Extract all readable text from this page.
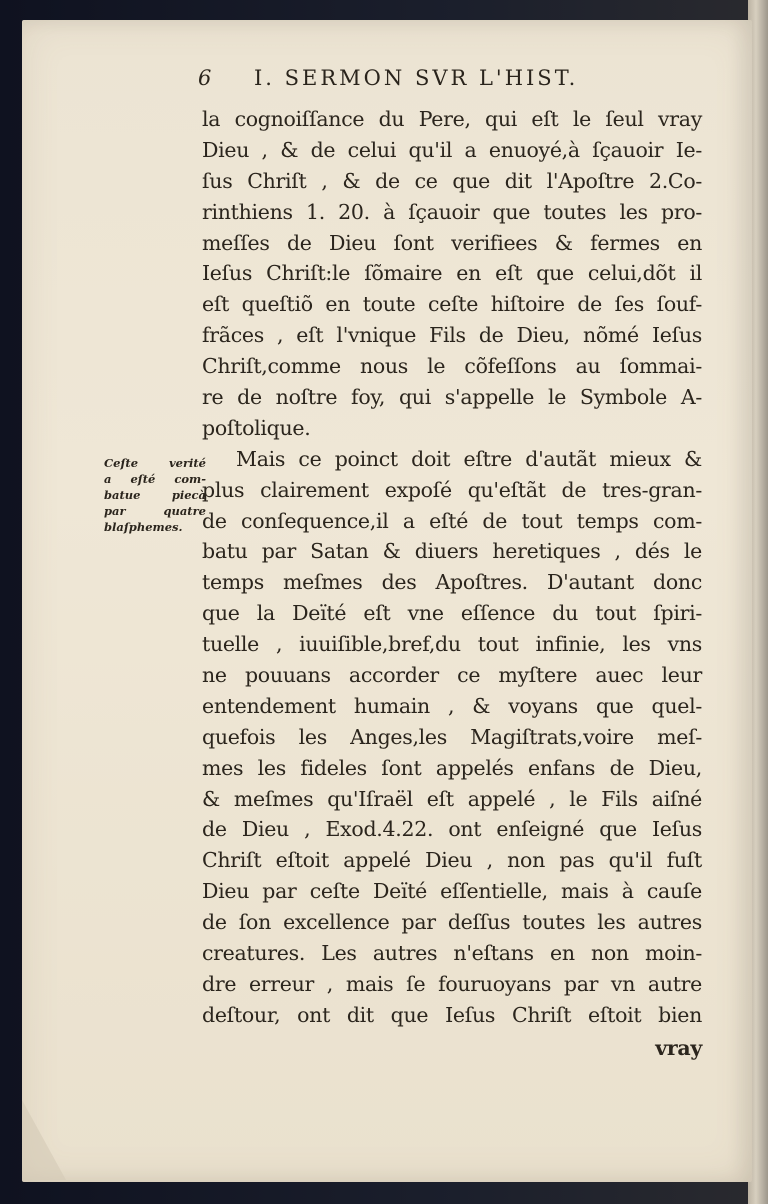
6 I. SERMON SVR L'HIST.
Ceſte verité
a eſté com-
batue piecà
par quatre
blaſphemes.
la cognoiſſance du Pere, qui eſt le ſeul vray
Dieu , & de celui qu'il a enuoyé,à ſçauoir Ie-
ſus Chriſt , & de ce que dit l'Apoſtre 2.Co-
rinthiens 1. 20. à ſçauoir que toutes les pro-
meſſes de Dieu ſont verifiees & fermes en
Ieſus Chriſt:le ſõmaire en eſt que celui,dõt il
eſt queſtiõ en toute ceſte hiſtoire de ſes ſouf-
frãces , eſt l'vnique Fils de Dieu, nõmé Ieſus
Chriſt,comme nous le cõfeſſons au ſommai-
re de noſtre foy, qui s'appelle le Symbole A-
poſtolique.
Mais ce poinct doit eſtre d'autãt mieux &
plus clairement expoſé qu'eſtãt de tres-gran-
de conſequence,il a eſté de tout temps com-
batu par Satan & diuers heretiques , dés le
temps meſmes des Apoſtres. D'autant donc
que la Deïté eſt vne eſſence du tout ſpiri-
tuelle , iuuiſible,bref,du tout infinie, les vns
ne pouuans accorder ce myſtere auec leur
entendement humain , & voyans que quel-
quefois les Anges,les Magiſtrats,voire meſ-
mes les fideles ſont appelés enfans de Dieu,
& meſmes qu'Iſraël eſt appelé , le Fils aiſné
de Dieu , Exod.4.22. ont enſeigné que Ieſus
Chriſt eſtoit appelé Dieu , non pas qu'il fuſt
Dieu par ceſte Deïté eſſentielle, mais à cauſe
de ſon excellence par deſſus toutes les autres
creatures. Les autres n'eſtans en non moin-
dre erreur , mais ſe fouruoyans par vn autre
deſtour, ont dit que Ieſus Chriſt eſtoit bien
vray
